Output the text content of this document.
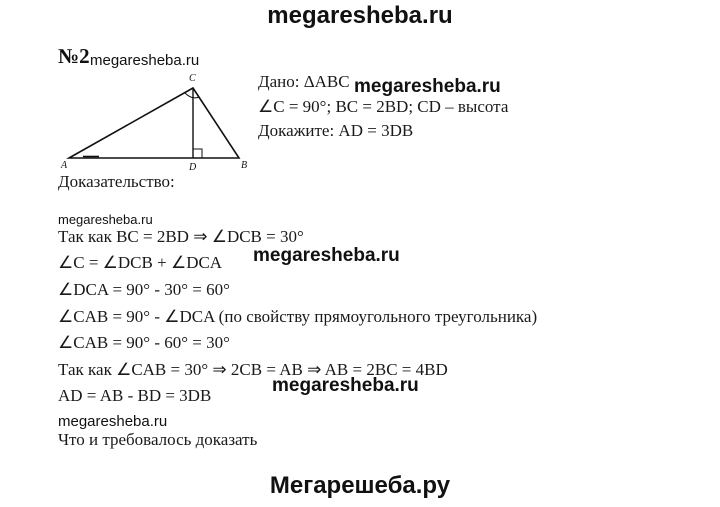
megaresheba.ru
№2 megaresheba.ru
A	B
C
D
Дано: ΔABC megaresheba.ru
∠C = 90°; BC = 2BD; CD – высота
Докажите: AD = 3DB
Доказательство:
megaresheba.ru
Так как BC = 2BD ⇒ ∠DCB = 30°
∠C = ∠DCB + ∠DCA megaresheba.ru
∠DCA = 90° - 30° = 60°
∠CAB = 90° - ∠DCA (по свойству прямоугольного треугольника)
∠CAB = 90° - 60° = 30°
Так как ∠CAB = 30° ⇒ 2CB = AB ⇒ AB = 2BC = 4BD
megaresheba.ru
AD = AB - BD = 3DB
megaresheba.ru
Что и требовалось доказать
Мегарешеба.ру
